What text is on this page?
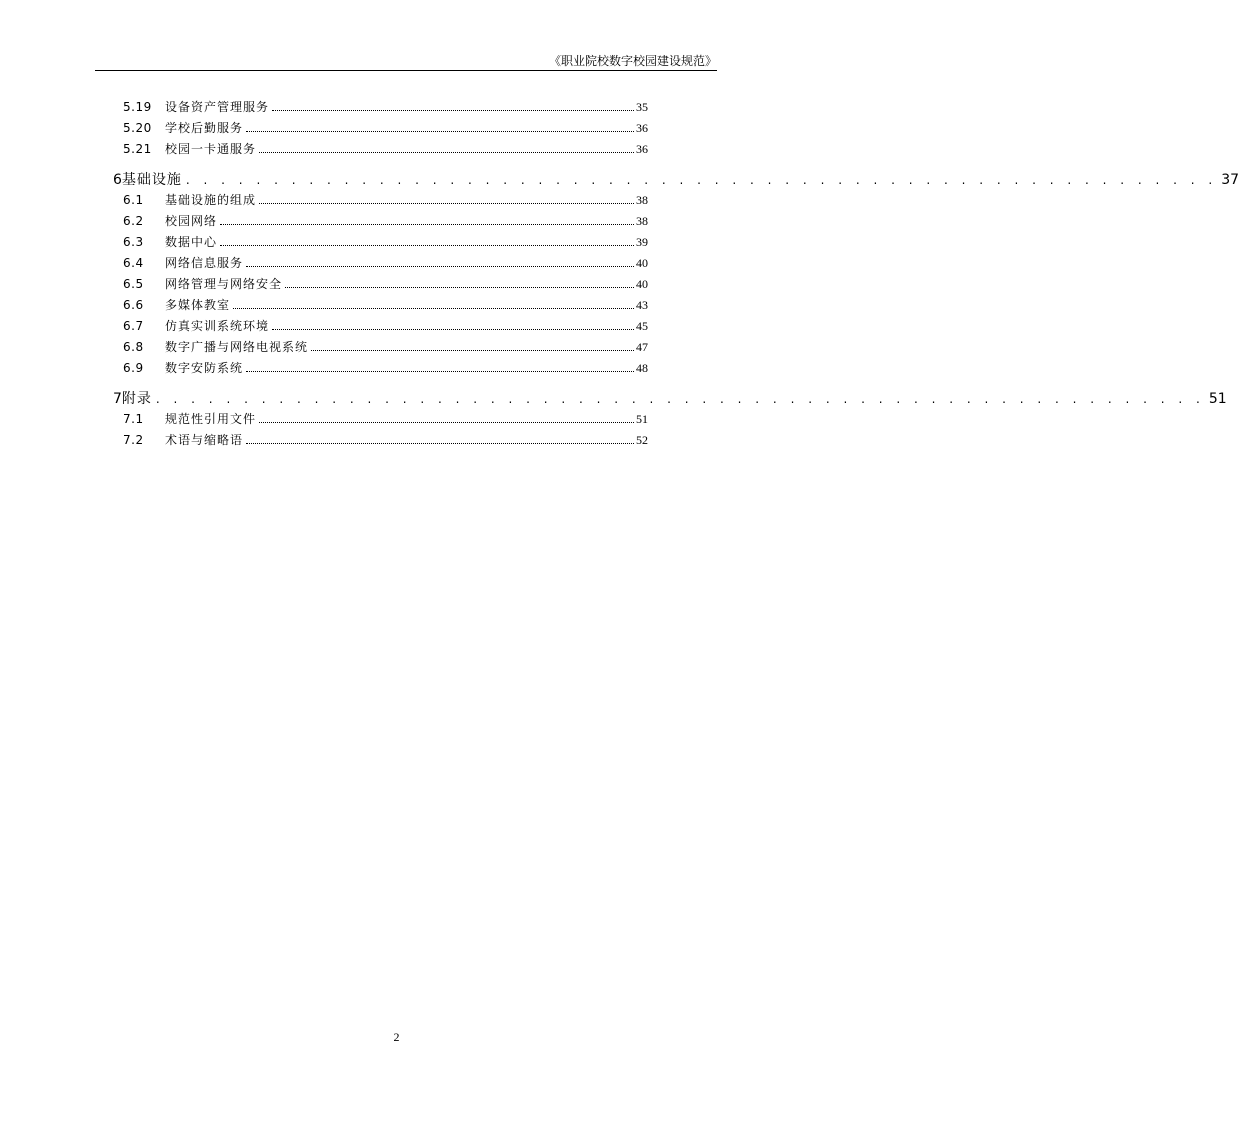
《职业院校数字校园建设规范》
5.19	设备资产管理服务	35
5.20	学校后勤服务	36
5.21	校园一卡通服务	36
6 基础设施 . . . . . . . . . . . . . . . . . . . . . . . . . . . . . . . . . . . . . . . . . . . . . . . . . . . . . . . . . . . 37
6.1	基础设施的组成	38
6.2	校园网络	38
6.3	数据中心	39
6.4	网络信息服务	40
6.5	网络管理与网络安全	40
6.6	多媒体教室	43
6.7	仿真实训系统环境	45
6.8	数字广播与网络电视系统	47
6.9	数字安防系统	48
7 附录 . . . . . . . . . . . . . . . . . . . . . . . . . . . . . . . . . . . . . . . . . . . . . . . . . . . . . . . . . . . . 51
7.1	规范性引用文件	51
7.2	术语与缩略语	52
2
